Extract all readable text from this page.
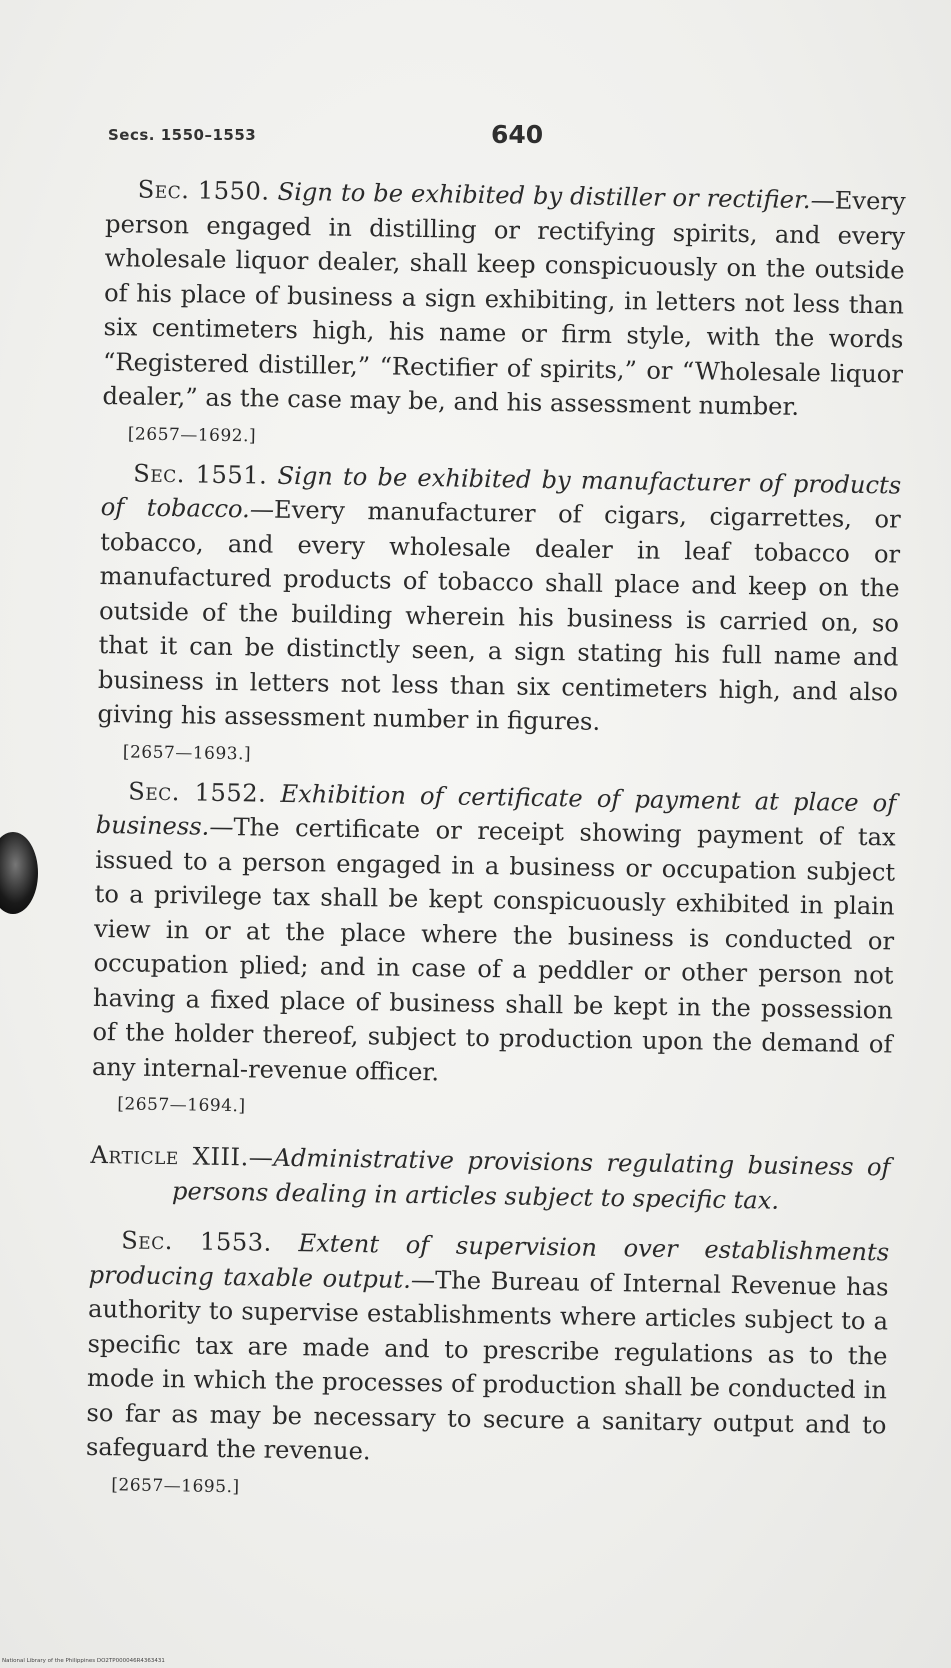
Secs. 1550–1553	640

Sec. 1550. Sign to be exhibited by distiller or rectifier.—Every person engaged in distilling or rectifying spirits, and every wholesale liquor dealer, shall keep conspicuously on the outside of his place of business a sign exhibiting, in letters not less than six centimeters high, his name or firm style, with the words “Registered distiller,” “Rectifier of spirits,” or “Wholesale liquor dealer,” as the case may be, and his assessment number.

[2657—1692.]

Sec. 1551. Sign to be exhibited by manufacturer of products of tobacco.—Every manufacturer of cigars, cigarrettes, or tobacco, and every wholesale dealer in leaf tobacco or manufactured products of tobacco shall place and keep on the outside of the building wherein his business is carried on, so that it can be distinctly seen, a sign stating his full name and business in letters not less than six centimeters high, and also giving his assessment number in figures.

[2657—1693.]

Sec. 1552. Exhibition of certificate of payment at place of business.—The certificate or receipt showing payment of tax issued to a person engaged in a business or occupation subject to a privilege tax shall be kept conspicuously exhibited in plain view in or at the place where the business is conducted or occupation plied; and in case of a peddler or other person not having a fixed place of business shall be kept in the possession of the holder thereof, subject to production upon the demand of any internal-revenue officer.

[2657—1694.]

Article XIII.—Administrative provisions regulating business of persons dealing in articles subject to specific tax.

Sec. 1553. Extent of supervision over establishments producing taxable output.—The Bureau of Internal Revenue has authority to supervise establishments where articles subject to a specific tax are made and to prescribe regulations as to the mode in which the processes of production shall be conducted in so far as may be necessary to secure a sanitary output and to safeguard the revenue.

[2657—1695.]
National Library of the Philippines DO2TP000046R4363431
